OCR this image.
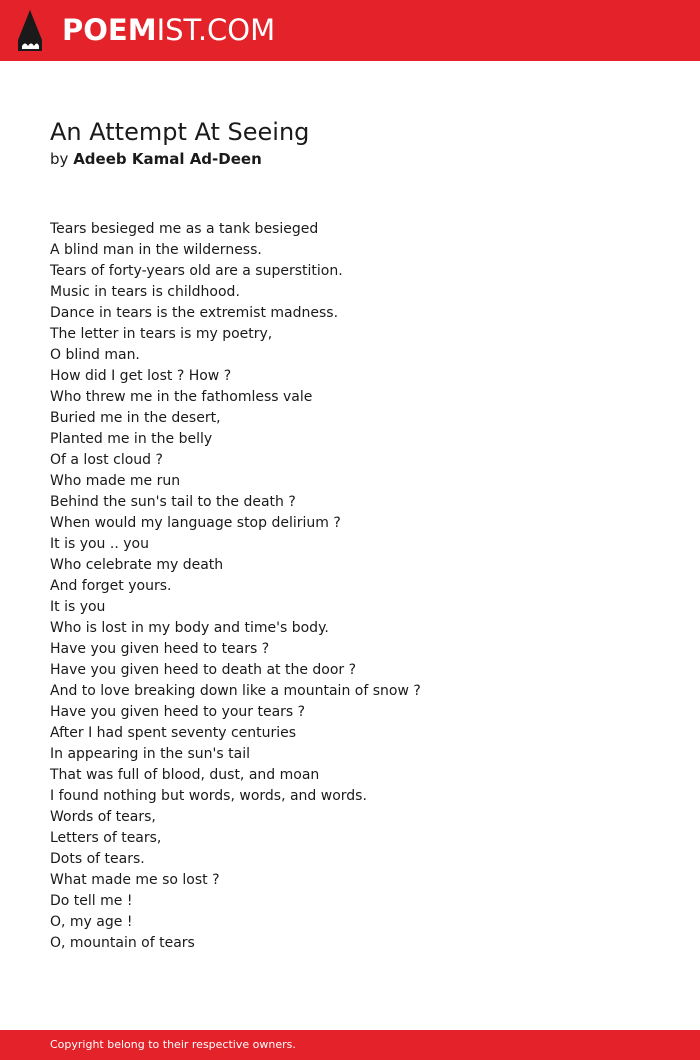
POEMIST.COM
An Attempt At Seeing
by Adeeb Kamal Ad-Deen
Tears besieged me as a tank besieged
A blind man in the wilderness.
Tears of forty-years old are a superstition.
Music in tears is childhood.
Dance in tears is the extremist madness.
The letter in tears is my poetry,
O blind man.
How did I get lost ? How ?
Who threw me in the fathomless vale
Buried me in the desert,
Planted me in the belly
Of a lost cloud ?
Who made me run
Behind the sun's tail to the death ?
When would my language stop delirium ?
It is you .. you
Who celebrate my death
And forget yours.
It is you
Who is lost in my body and time's body.
Have you given heed to tears ?
Have you given heed to death at the door ?
And to love breaking down like a mountain of snow ?
Have you given heed to your tears ?
After I had spent seventy centuries
In appearing in the sun's tail
That was full of blood, dust, and moan
I found nothing but words, words, and words.
Words of tears,
Letters of tears,
Dots of tears.
What made me so lost ?
Do tell me !
O, my age !
O, mountain of tears
Copyright belong to their respective owners.
